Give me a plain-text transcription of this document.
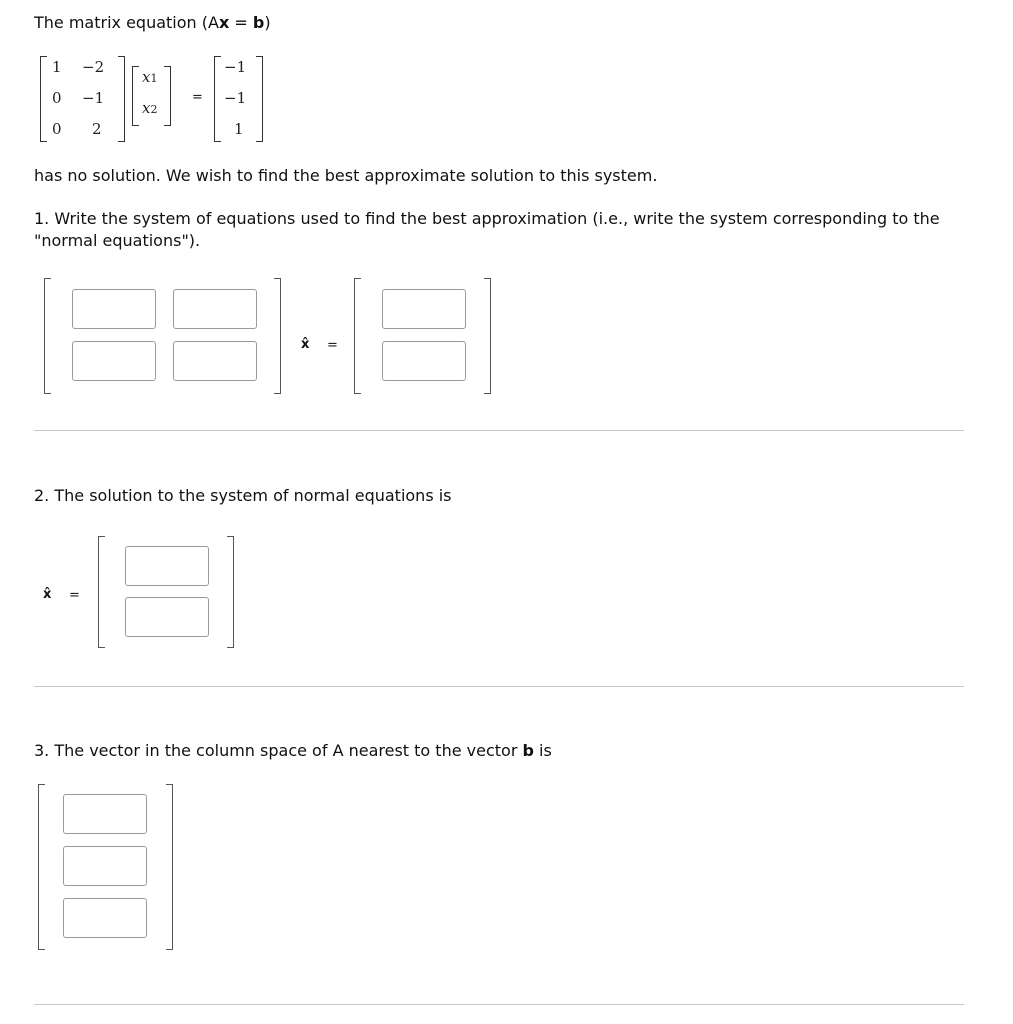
The matrix equation (Ax = b)
1 −2
0 −1
0 2
x1
x2
=
−1
−1
1
has no solution. We wish to find the best approximate solution to this system.
1. Write the system of equations used to find the best approximation (i.e., write the system corresponding to the "normal equations").
x̂ =
2. The solution to the system of normal equations is
x̂ =
3. The vector in the column space of A nearest to the vector b is
